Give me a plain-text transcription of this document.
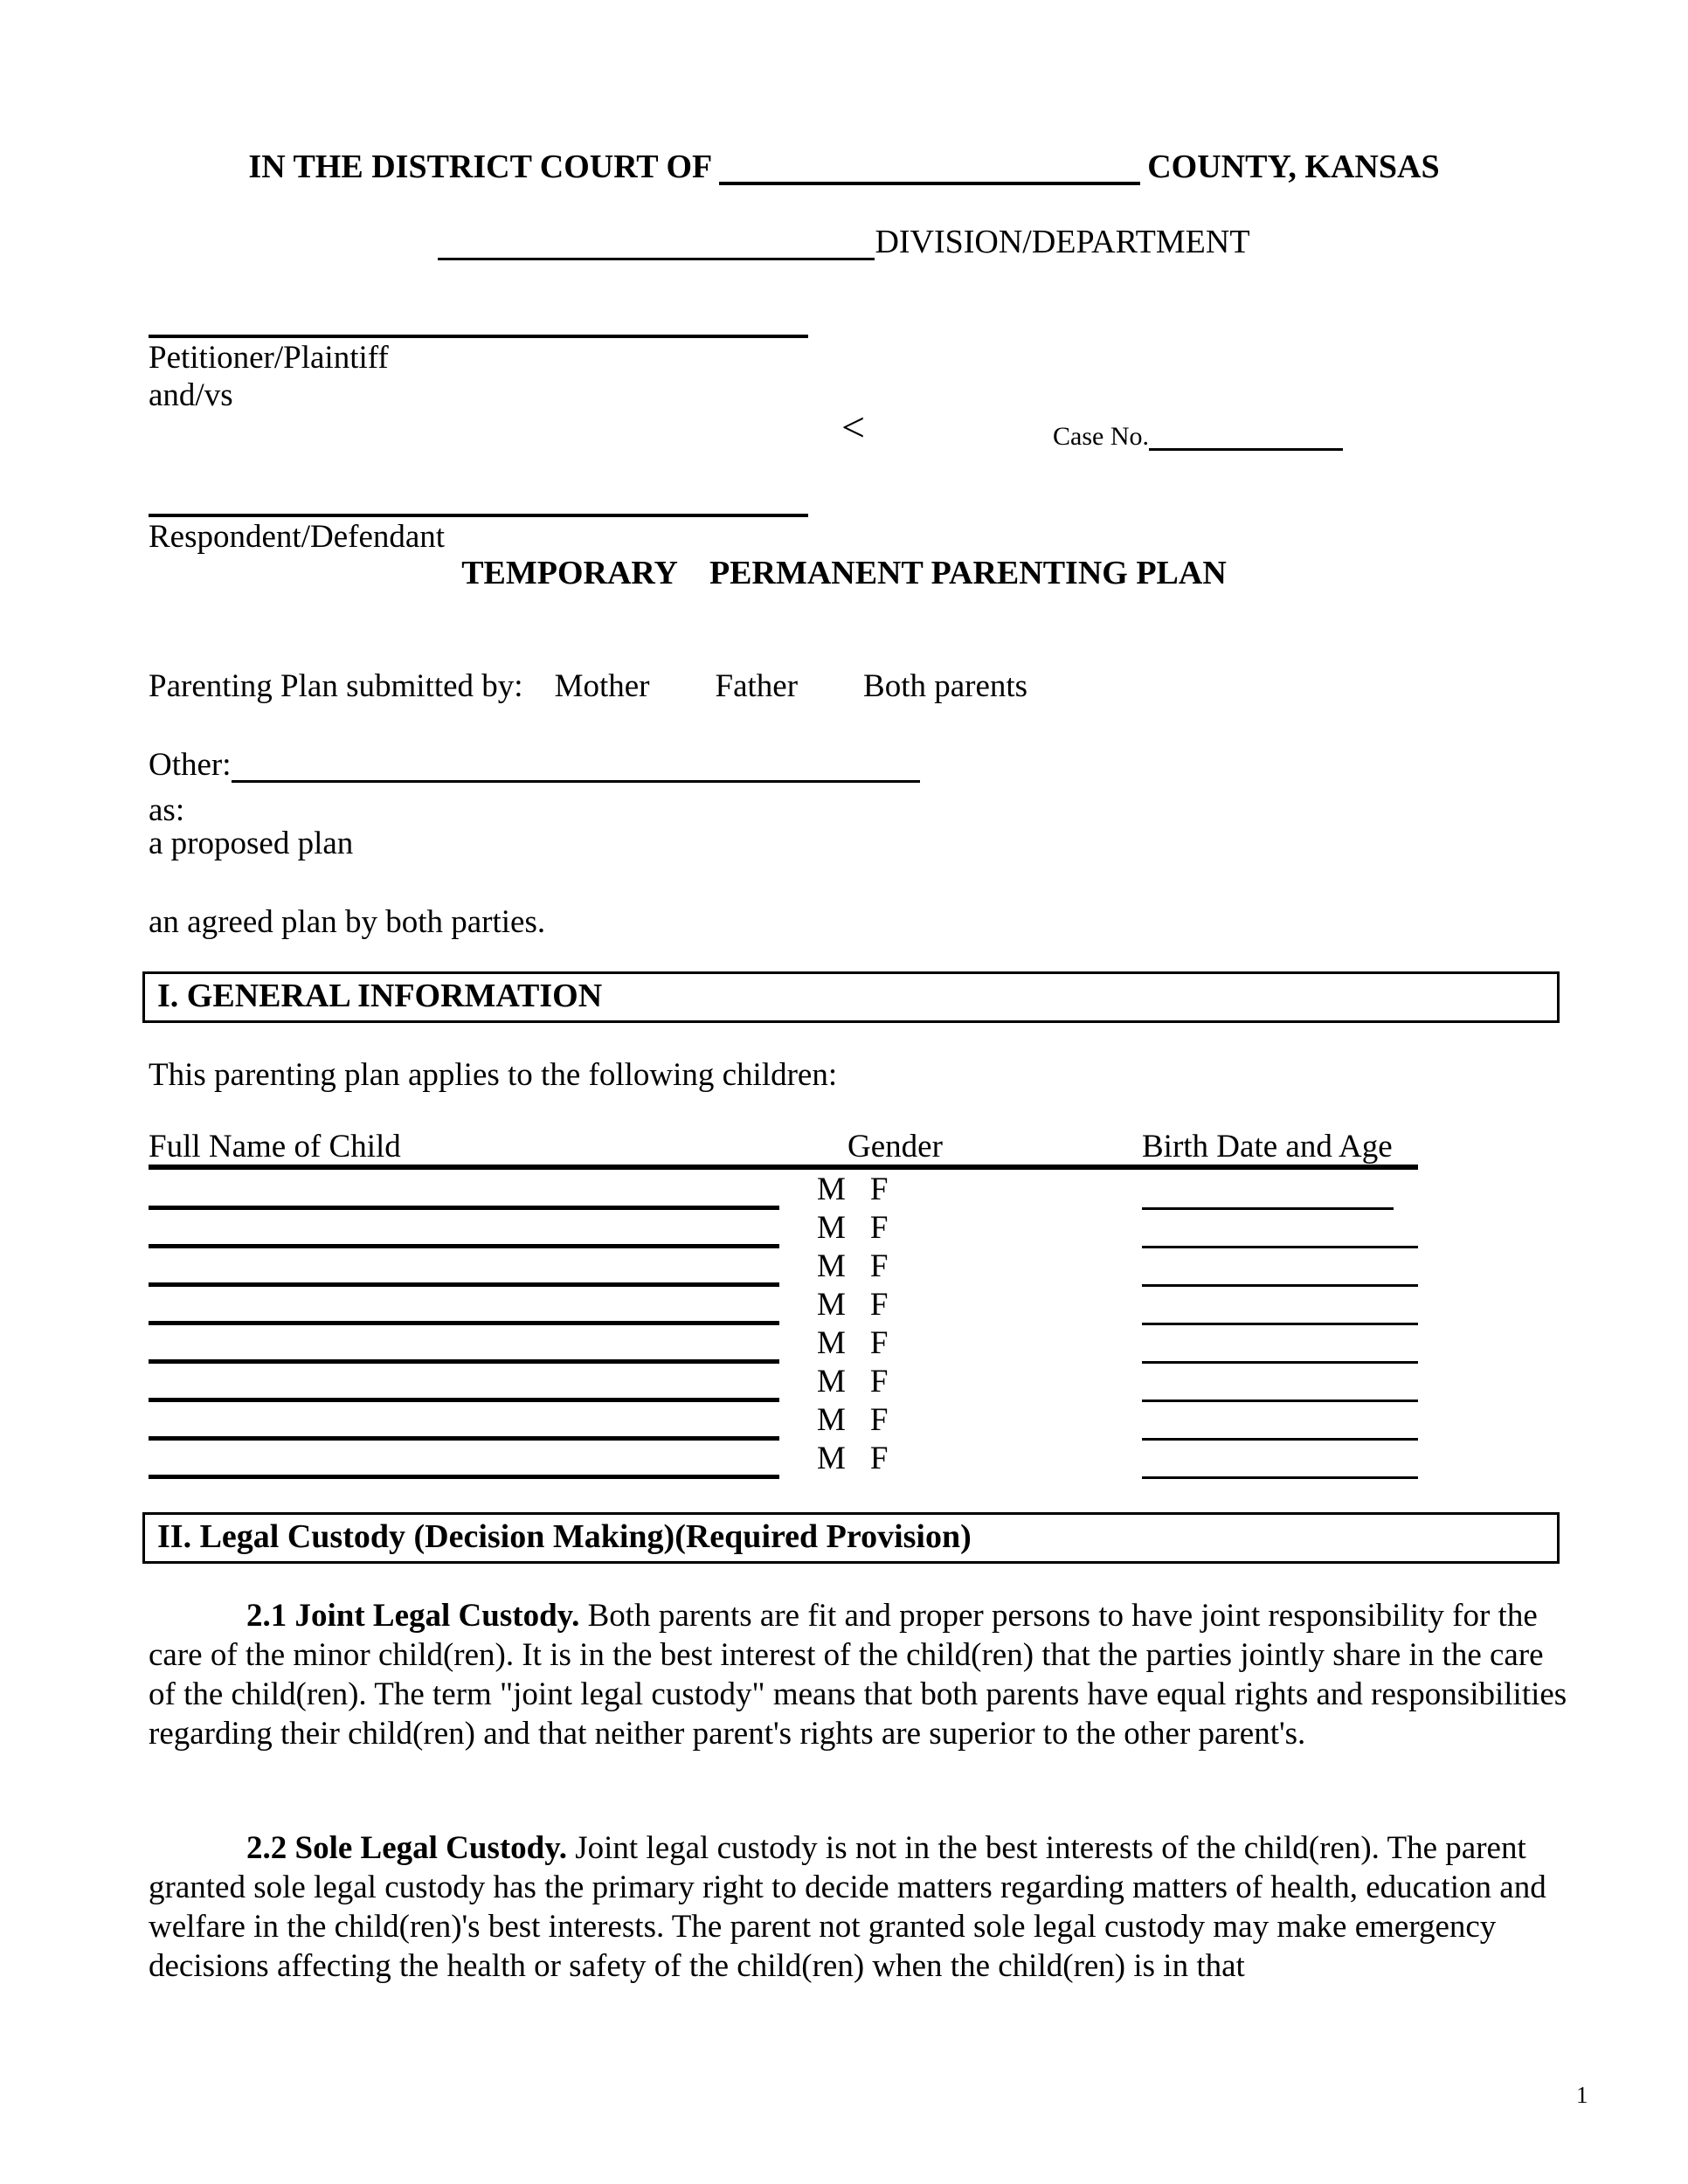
IN THE DISTRICT COURT OF	COUNTY, KANSAS
DIVISION/DEPARTMENT
Petitioner/Plaintiff
and/vs
<	Case No.
Respondent/Defendant
TEMPORARY PERMANENT PARENTING PLAN
Parenting Plan submitted by: Mother Father Both parents
Other:
as:
a proposed plan
an agreed plan by both parties.
I. GENERAL INFORMATION
This parenting plan applies to the following children:
Full Name of Child	Gender	Birth Date and Age
M F
M F
M F
M F
M F
M F
M F
M F
II. Legal Custody (Decision Making)(Required Provision)

2.1 Joint Legal Custody. Both parents are fit and proper persons to have joint responsibility for the care of the minor child(ren). It is in the best interest of the child(ren) that the parties jointly share in the care of the child(ren). The term "joint legal custody" means that both parents have equal rights and responsibilities regarding their child(ren) and that neither parent's rights are superior to the other parent's.

2.2 Sole Legal Custody. Joint legal custody is not in the best interests of the child(ren). The parent granted sole legal custody has the primary right to decide matters regarding matters of health, education and welfare in the child(ren)'s best interests. The parent not granted sole legal custody may make emergency decisions affecting the health or safety of the child(ren) when the child(ren) is in that

1
